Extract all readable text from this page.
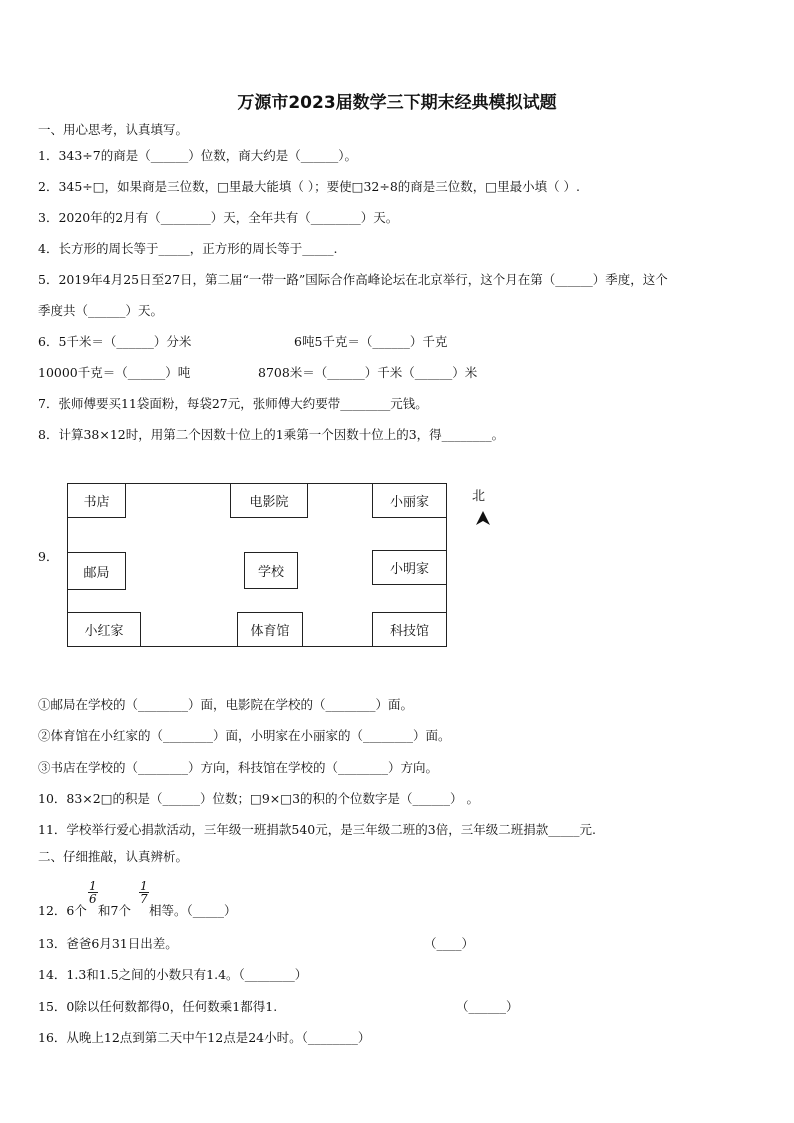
万源市2023届数学三下期末经典模拟试题
一、用心思考，认真填写。
1．343÷7的商是（______）位数，商大约是（______）。
2．345÷□，如果商是三位数，□里最大能填（ ）；要使□32÷8的商是三位数，□里最小填（ ）.
3．2020年的2月有（________）天，全年共有（________）天。
4．长方形的周长等于_____，正方形的周长等于_____.
5．2019年4月25日至27日，第二届“一带一路”国际合作高峰论坛在北京举行，这个月在第（______）季度，这个
季度共（______）天。
6．5千米＝（______）分米	6吨5千克＝（______）千克
10000千克＝（______）吨	8708米＝（______）千米（______）米
7．张师傅要买11袋面粉，每袋27元，张师傅大约要带________元钱。
8．计算38×12时，用第二个因数十位上的1乘第一个因数十位上的3，得________。
9．
书店	电影院	小丽家
邮局	学校	小明家
小红家	体育馆	科技馆
北
①邮局在学校的（________）面，电影院在学校的（________）面。
②体育馆在小红家的（________）面，小明家在小丽家的（________）面。
③书店在学校的（________）方向，科技馆在学校的（________）方向。
10．83×2□的积是（______）位数；□9×□3的积的个位数字是（______） 。
11．学校举行爱心捐款活动，三年级一班捐款540元，是三年级二班的3倍，三年级二班捐款_____元.
二、仔细推敲，认真辨析。
12．6个
$\frac{1}{6}$
和7个
$\frac{1}{7}$
相等。（_____）
13．爸爸6月31日出差。	（____）
14．1.3和1.5之间的小数只有1.4。（________）
15．0除以任何数都得0，任何数乘1都得1.	（______）
16．从晚上12点到第二天中午12点是24小时。（________）
